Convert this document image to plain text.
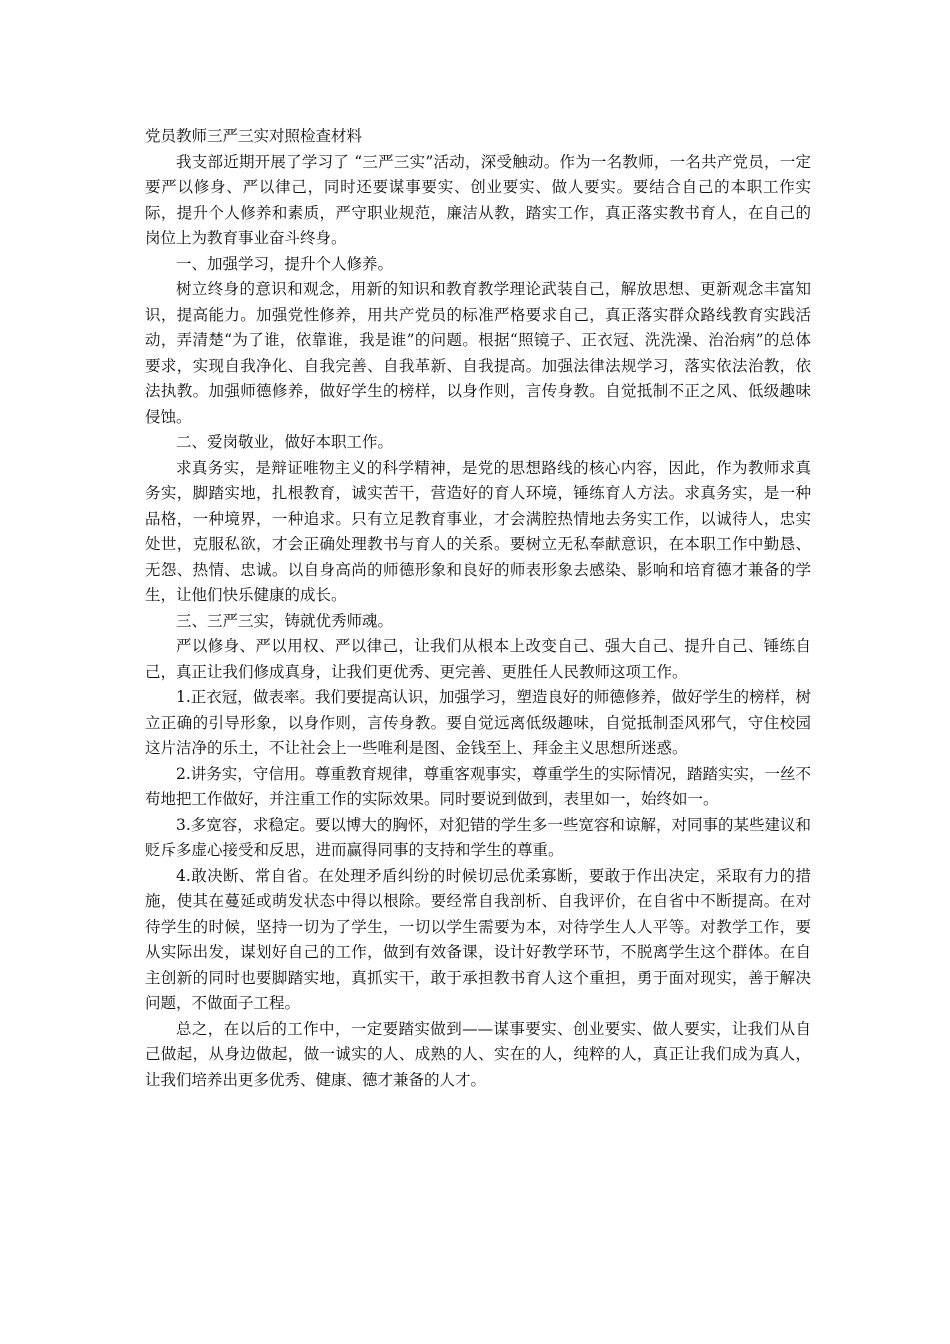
党员教师三严三实对照检查材料

我支部近期开展了学习了 “三严三实”活动，深受触动。作为一名教师，一名共产党员，一定要严以修身、严以律己，同时还要谋事要实、创业要实、做人要实。要结合自己的本职工作实际，提升个人修养和素质，严守职业规范，廉洁从教，踏实工作，真正落实教书育人，在自己的岗位上为教育事业奋斗终身。

一、加强学习，提升个人修养。

树立终身的意识和观念，用新的知识和教育教学理论武装自己，解放思想、更新观念丰富知识，提高能力。加强党性修养，用共产党员的标准严格要求自己，真正落实群众路线教育实践活动，弄清楚“为了谁，依靠谁，我是谁”的问题。根据“照镜子、正衣冠、洗洗澡、治治病”的总体要求，实现自我净化、自我完善、自我革新、自我提高。加强法律法规学习，落实依法治教，依法执教。加强师德修养，做好学生的榜样，以身作则，言传身教。自觉抵制不正之风、低级趣味侵蚀。

二、爱岗敬业，做好本职工作。

求真务实，是辩证唯物主义的科学精神，是党的思想路线的核心内容，因此，作为教师求真务实，脚踏实地，扎根教育，诚实苦干，营造好的育人环境，锤练育人方法。求真务实，是一种品格，一种境界，一种追求。只有立足教育事业，才会满腔热情地去务实工作，以诚待人，忠实处世，克服私欲，才会正确处理教书与育人的关系。要树立无私奉献意识，在本职工作中勤恳、无怨、热情、忠诚。以自身高尚的师德形象和良好的师表形象去感染、影响和培育德才兼备的学生，让他们快乐健康的成长。

三、三严三实，铸就优秀师魂。

严以修身、严以用权、严以律己，让我们从根本上改变自己、强大自己、提升自己、锤练自己，真正让我们修成真身，让我们更优秀、更完善、更胜任人民教师这项工作。

1.正衣冠，做表率。我们要提高认识，加强学习，塑造良好的师德修养，做好学生的榜样，树立正确的引导形象，以身作则，言传身教。要自觉远离低级趣味，自觉抵制歪风邪气，守住校园这片洁净的乐土，不让社会上一些唯利是图、金钱至上、拜金主义思想所迷惑。

2.讲务实，守信用。尊重教育规律，尊重客观事实，尊重学生的实际情况，踏踏实实，一丝不苟地把工作做好，并注重工作的实际效果。同时要说到做到，表里如一，始终如一。

3.多宽容，求稳定。要以博大的胸怀，对犯错的学生多一些宽容和谅解，对同事的某些建议和贬斥多虚心接受和反思，进而赢得同事的支持和学生的尊重。

4.敢决断、常自省。在处理矛盾纠纷的时候切忌优柔寡断，要敢于作出决定，采取有力的措施，使其在蔓延或萌发状态中得以根除。要经常自我剖析、自我评价，在自省中不断提高。在对待学生的时候，坚持一切为了学生，一切以学生需要为本，对待学生人人平等。对教学工作，要从实际出发，谋划好自己的工作，做到有效备课，设计好教学环节，不脱离学生这个群体。在自主创新的同时也要脚踏实地，真抓实干，敢于承担教书育人这个重担，勇于面对现实，善于解决问题，不做面子工程。

总之，在以后的工作中，一定要踏实做到——谋事要实、创业要实、做人要实，让我们从自己做起，从身边做起，做一诚实的人、成熟的人、实在的人，纯粹的人，真正让我们成为真人，让我们培养出更多优秀、健康、德才兼备的人才。
